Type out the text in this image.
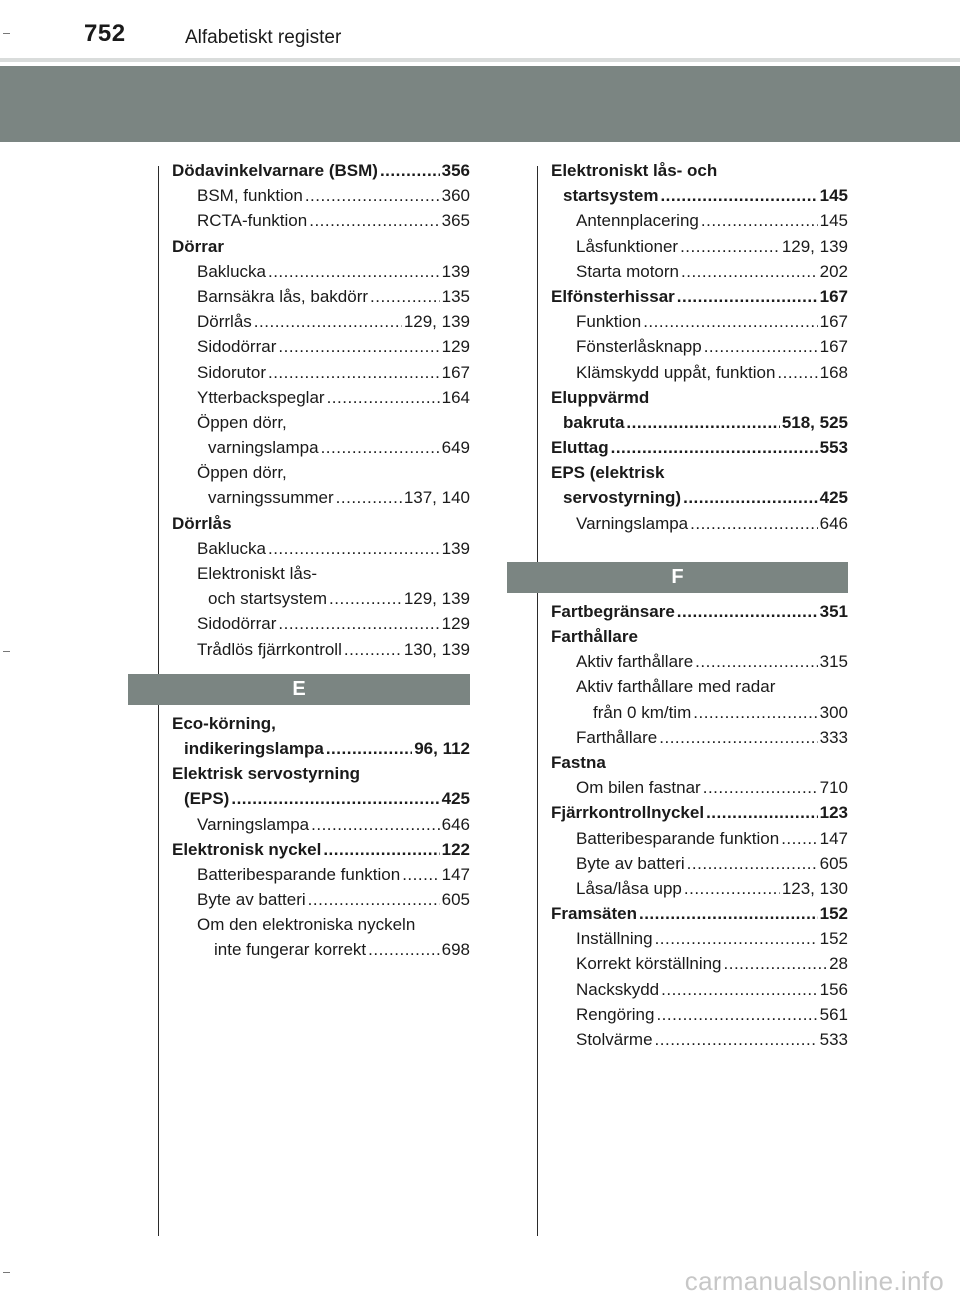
752	Alfabetiskt register
Dödavinkelvarnare (BSM) .....	356
BSM, funktion .....	360
RCTA-funktion .....	365
Dörrar
Baklucka .....	139
Barnsäkra lås, bakdörr .....	135
Dörrlås .....	129, 139
Sidodörrar .....	129
Sidorutor .....	167
Ytterbackspeglar .....	164
Öppen dörr,
varningslampa .....	649
Öppen dörr,
varningssummer .....	137, 140
Dörrlås
Baklucka .....	139
Elektroniskt lås-
och startsystem .....	129, 139
Sidodörrar .....	129
Trådlös fjärrkontroll .....	130, 139
E
Eco-körning,
indikeringslampa .....	96, 112
Elektrisk servostyrning
(EPS) .....	425
Varningslampa .....	646
Elektronisk nyckel .....	122
Batteribesparande funktion ..... 147
Byte av batteri .....	605
Om den elektroniska nyckeln
inte fungerar korrekt .....	698
Elektroniskt lås- och
startsystem .....	145
Antennplacering .....	145
Låsfunktioner .....	129, 139
Starta motorn .....	202
Elfönsterhissar .....	167
Funktion .....	167
Fönsterlåsknapp .....	167
Klämskydd uppåt, funktion .....	168
Eluppvärmd
bakruta .....	518, 525
Eluttag .....	553
EPS (elektrisk
servostyrning) .....	425
Varningslampa .....	646
F
Fartbegränsare .....	351
Farthållare
Aktiv farthållare .....	315
Aktiv farthållare med radar
från 0 km/tim .....	300
Farthållare .....	333
Fastna
Om bilen fastnar .....	710
Fjärrkontrollnyckel .....	123
Batteribesparande funktion ..... 147
Byte av batteri .....	605
Låsa/låsa upp .....	123, 130
Framsäten .....	152
Inställning .....	152
Korrekt körställning .....	28
Nackskydd .....	156
Rengöring .....	561
Stolvärme .....	533
carmanualsonline.info
